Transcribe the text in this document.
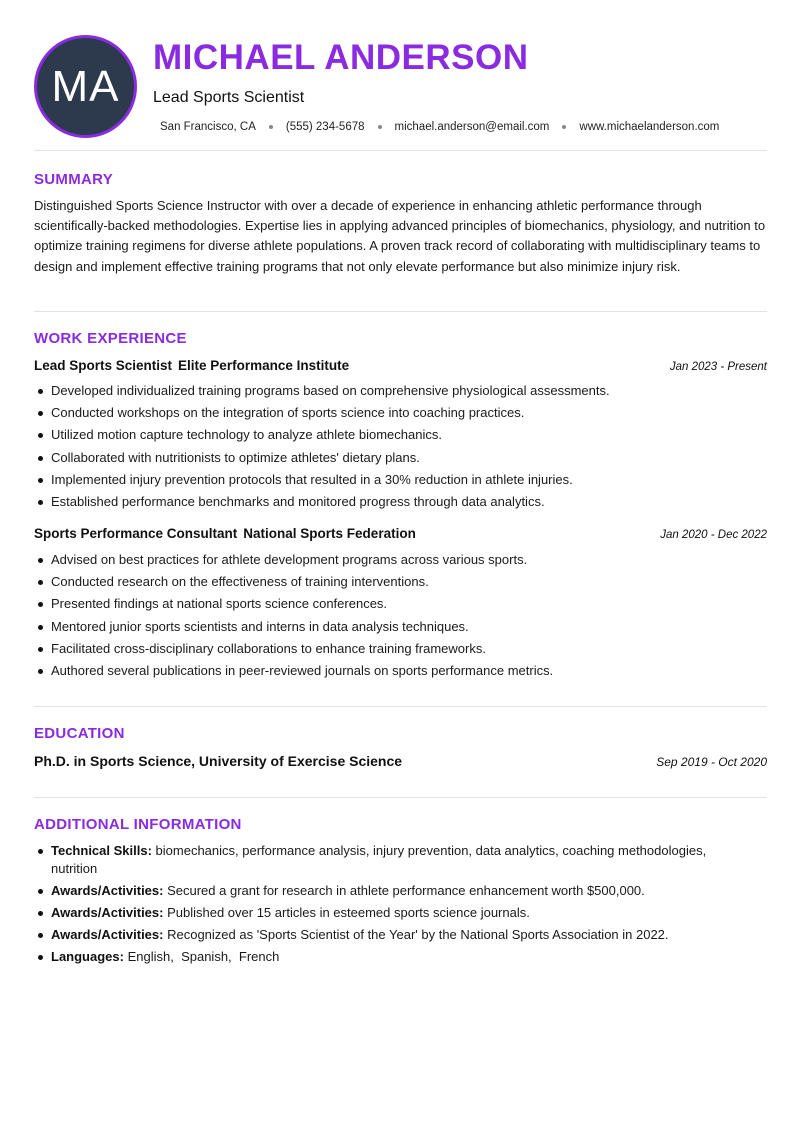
MA
MICHAEL ANDERSON
Lead Sports Scientist
San Francisco, CA	(555) 234-5678	michael.anderson@email.com	www.michaelanderson.com
SUMMARY

Distinguished Sports Science Instructor with over a decade of experience in enhancing athletic performance through scientifically-backed methodologies. Expertise lies in applying advanced principles of biomechanics, physiology, and nutrition to optimize training regimens for diverse athlete populations. A proven track record of collaborating with multidisciplinary teams to design and implement effective training programs that not only elevate performance but also minimize injury risk.

WORK EXPERIENCE
Lead Sports Scientist Elite Performance Institute	Jan 2023 - Present
Developed individualized training programs based on comprehensive physiological assessments.
Conducted workshops on the integration of sports science into coaching practices.
Utilized motion capture technology to analyze athlete biomechanics.
Collaborated with nutritionists to optimize athletes' dietary plans.
Implemented injury prevention protocols that resulted in a 30% reduction in athlete injuries.
Established performance benchmarks and monitored progress through data analytics.
Sports Performance Consultant National Sports Federation	Jan 2020 - Dec 2022
Advised on best practices for athlete development programs across various sports.
Conducted research on the effectiveness of training interventions.
Presented findings at national sports science conferences.
Mentored junior sports scientists and interns in data analysis techniques.
Facilitated cross-disciplinary collaborations to enhance training frameworks.
Authored several publications in peer-reviewed journals on sports performance metrics.
EDUCATION
Ph.D. in Sports Science, University of Exercise Science	Sep 2019 - Oct 2020
ADDITIONAL INFORMATION
Technical Skills: biomechanics, performance analysis, injury prevention, data analytics, coaching methodologies, nutrition
Awards/Activities: Secured a grant for research in athlete performance enhancement worth $500,000.
Awards/Activities: Published over 15 articles in esteemed sports science journals.
Awards/Activities: Recognized as 'Sports Scientist of the Year' by the National Sports Association in 2022.
Languages: English,  Spanish,  French
